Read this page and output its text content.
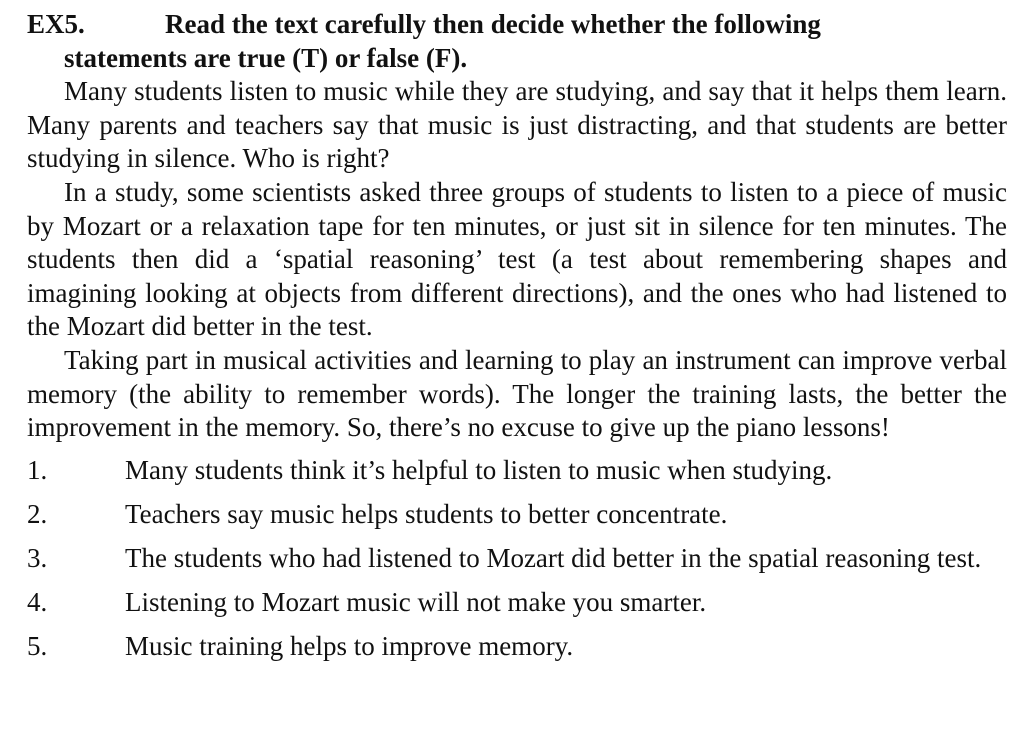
EX5.	Read the text carefully then decide whether the following
statements are true (T) or false (F).

Many students listen to music while they are studying, and say that it helps them learn. Many parents and teachers say that music is just distracting, and that students are better studying in silence. Who is right?

In a study, some scientists asked three groups of students to listen to a piece of music by Mozart or a relaxation tape for ten minutes, or just sit in silence for ten minutes. The students then did a ‘spatial reasoning’ test (a test about remembering shapes and imagining looking at objects from different directions), and the ones who had listened to the Mozart did better in the test.

Taking part in musical activities and learning to play an instrument can improve verbal memory (the ability to remember words). The longer the training lasts, the better the improvement in the memory. So, there’s no excuse to give up the piano lessons!

1.	Many students think it’s helpful to listen to music when studying.
2.	Teachers say music helps students to better concentrate.
3.	The students who had listened to Mozart did better in the spatial reasoning test.
4.	Listening to Mozart music will not make you smarter.
5.	Music training helps to improve memory.
